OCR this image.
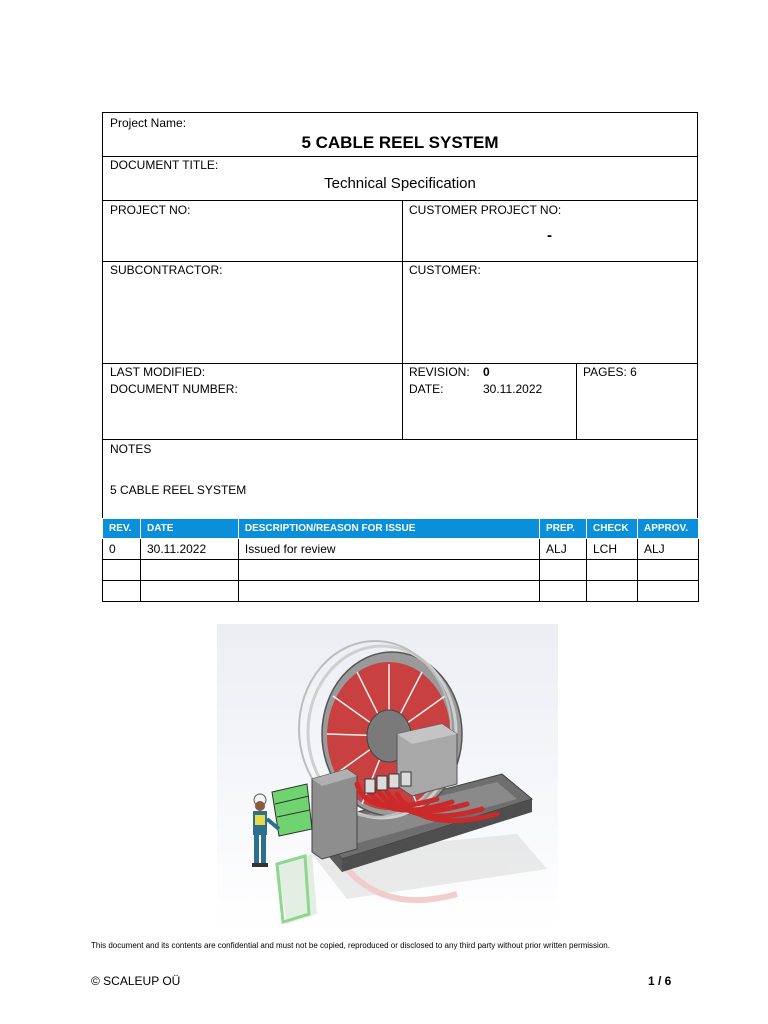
Project Name:
5 CABLE REEL SYSTEM
DOCUMENT TITLE:
Technical Specification
PROJECT NO:	CUSTOMER PROJECT NO:
-
SUBCONTRACTOR:	CUSTOMER:
LAST MODIFIED:
DOCUMENT NUMBER:
REVISION: 0
DATE:	30.11.2022
PAGES: 6
NOTES
5 CABLE REEL SYSTEM
REV.	DATE	DESCRIPTION/REASON FOR ISSUE	PREP.	CHECK	APPROV.
0	30.11.2022	Issued for review	ALJ	LCH	ALJ

This document and its contents are confidential and must not be copied, reproduced or disclosed to any third party without prior written permission.
© SCALEUP OÜ	1 / 6
